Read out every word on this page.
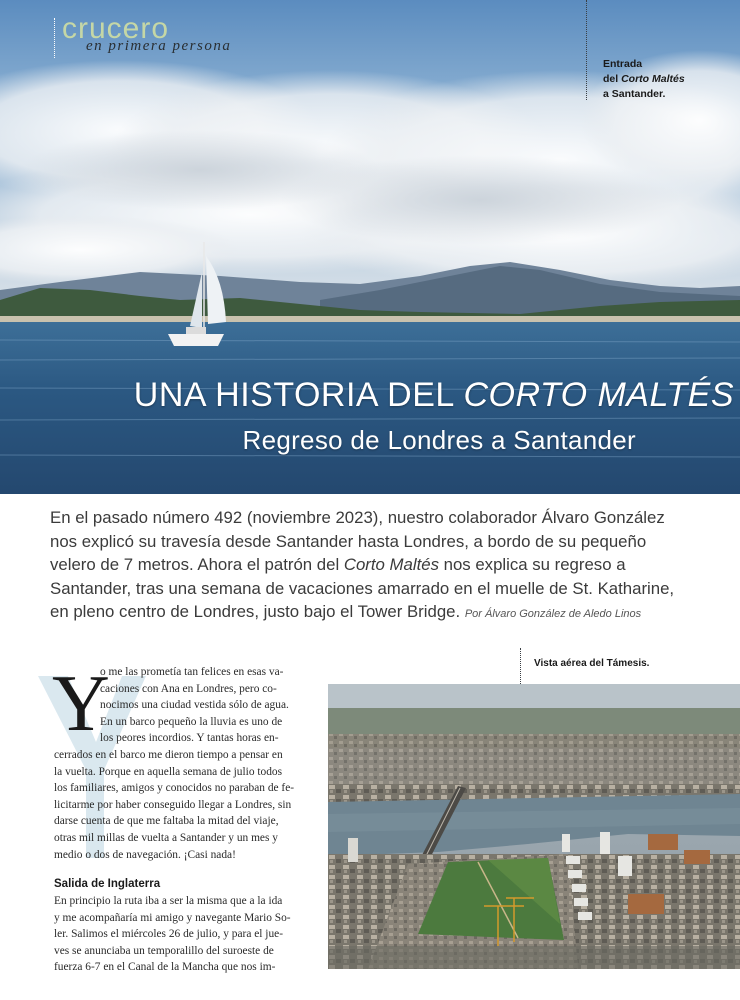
crucero
en primera persona
Entrada
del Corto Maltés
a Santander.
UNA HISTORIA DEL CORTO MALTÉS
Regreso de Londres a Santander
En el pasado número 492 (noviembre 2023), nuestro colaborador Álvaro González
nos explicó su travesía desde Santander hasta Londres, a bordo de su pequeño
velero de 7 metros. Ahora el patrón del Corto Maltés nos explica su regreso a
Santander, tras una semana de vacaciones amarrado en el muelle de St. Katharine,
en pleno centro de Londres, justo bajo el Tower Bridge. Por Álvaro González de Aledo Linos
Y
o me las prometía tan felices en esas va-
caciones con Ana en Londres, pero co-
nocimos una ciudad vestida sólo de agua.
En un barco pequeño la lluvia es uno de
los peores incordios. Y tantas horas en-
cerrados en el barco me dieron tiempo a pensar en
la vuelta. Porque en aquella semana de julio todos
los familiares, amigos y conocidos no paraban de fe-
licitarme por haber conseguido llegar a Londres, sin
darse cuenta de que me faltaba la mitad del viaje,
otras mil millas de vuelta a Santander y un mes y
medio o dos de navegación. ¡Casi nada!
Salida de Inglaterra
En principio la ruta iba a ser la misma que a la ida
y me acompañaría mi amigo y navegante Mario So-
ler. Salimos el miércoles 26 de julio, y para el jue-
ves se anunciaba un temporalillo del suroeste de
fuerza 6-7 en el Canal de la Mancha que nos im-
Vista aérea del Támesis.
